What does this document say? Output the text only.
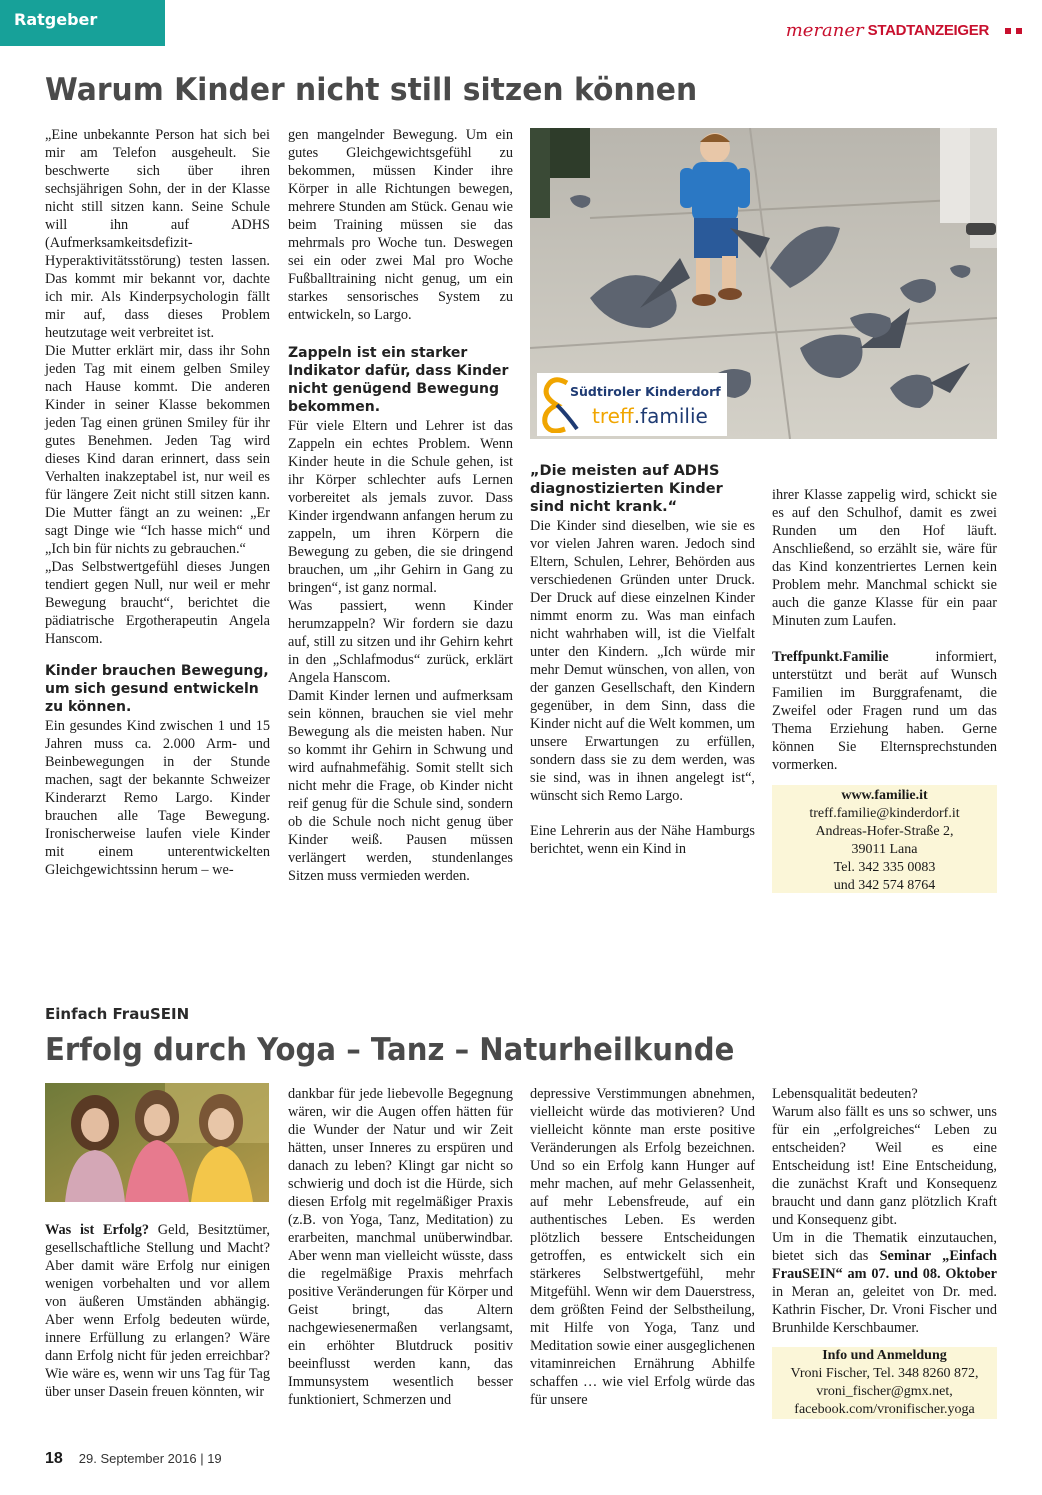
Ratgeber
meraner STADTANZEIGER
Warum Kinder nicht still sitzen können

„Eine unbekannte Person hat sich bei mir am Telefon ausgeheult. Sie beschwerte sich über ihren sechsjährigen Sohn, der in der Klasse nicht still sitzen kann. Seine Schule will ihn auf ADHS (Aufmerksamkeitsdefizit-Hyperaktivitätsstörung) testen lassen. Das kommt mir bekannt vor, dachte ich mir. Als Kinderpsychologin fällt mir auf, dass dieses Problem heutzutage weit verbreitet ist.

Die Mutter erklärt mir, dass ihr Sohn jeden Tag mit einem gelben Smiley nach Hause kommt. Die anderen Kinder in seiner Klasse bekommen jeden Tag einen grünen Smiley für ihr gutes Benehmen. Jeden Tag wird dieses Kind daran erinnert, dass sein Verhalten inakzeptabel ist, nur weil es für längere Zeit nicht still sitzen kann. Die Mutter fängt an zu weinen: „Er sagt Dinge wie “Ich hasse mich“ und „Ich bin für nichts zu gebrauchen.“

„Das Selbstwertgefühl dieses Jungen tendiert gegen Null, nur weil er mehr Bewegung braucht“, berichtet die pädiatrische Ergotherapeutin Angela Hanscom.

Kinder brauchen Bewegung, um sich gesund entwickeln zu können.

Ein gesundes Kind zwischen 1 und 15 Jahren muss ca. 2.000 Arm- und Beinbewegungen in der Stunde machen, sagt der bekannte Schweizer Kinderarzt Remo Largo. Kinder brauchen alle Tage Bewegung. Ironischerweise laufen viele Kinder mit einem unterentwickelten Gleichgewichtssinn herum – we-

gen mangelnder Bewegung. Um ein gutes Gleichgewichtsgefühl zu bekommen, müssen Kinder ihre Körper in alle Richtungen bewegen, mehrere Stunden am Stück. Genau wie beim Training müssen sie das mehrmals pro Woche tun. Deswegen sei ein oder zwei Mal pro Woche Fußballtraining nicht genug, um ein starkes sensorisches System zu entwickeln, so Largo.

Zappeln ist ein starker Indikator dafür, dass Kinder nicht genügend Bewegung bekommen.

Für viele Eltern und Lehrer ist das Zappeln ein echtes Problem. Wenn Kinder heute in die Schule gehen, ist ihr Körper schlechter aufs Lernen vorbereitet als jemals zuvor. Dass Kinder irgendwann anfangen herum zu zappeln, um ihren Körpern die Bewegung zu geben, die sie dringend brauchen, um „ihr Gehirn in Gang zu bringen“, ist ganz normal.

Was passiert, wenn Kinder herumzappeln? Wir fordern sie dazu auf, still zu sitzen und ihr Gehirn kehrt in den „Schlafmodus“ zurück, erklärt Angela Hanscom.

Damit Kinder lernen und aufmerksam sein können, brauchen sie viel mehr Bewegung als die meisten haben. Nur so kommt ihr Gehirn in Schwung und wird aufnahmefähig. Somit stellt sich nicht mehr die Frage, ob Kinder nicht reif genug für die Schule sind, sondern ob die Schule noch nicht genug über Kinder weiß. Pausen müssen verlängert werden, stundenlanges Sitzen muss vermieden werden.

Südtiroler Kinderdorf
treff.familie
„Die meisten auf ADHS diagnostizierten Kinder sind nicht krank.“

Die Kinder sind dieselben, wie sie es vor vielen Jahren waren. Jedoch sind Eltern, Schulen, Lehrer, Behörden aus verschiedenen Gründen unter Druck. Der Druck auf diese einzelnen Kinder nimmt enorm zu. Was man einfach nicht wahrhaben will, ist die Vielfalt unter den Kindern. „Ich würde mir mehr Demut wünschen, von allen, von der ganzen Gesellschaft, den Kindern gegenüber, in dem Sinn, dass die Kinder nicht auf die Welt kommen, um unsere Erwartungen zu erfüllen, sondern dass sie zu dem werden, was sie sind, was in ihnen angelegt ist“, wünscht sich Remo Largo.

Eine Lehrerin aus der Nähe Hamburgs berichtet, wenn ein Kind in

ihrer Klasse zappelig wird, schickt sie es auf den Schulhof, damit es zwei Runden um den Hof läuft. Anschließend, so erzählt sie, wäre für das Kind konzentriertes Lernen kein Problem mehr. Manchmal schickt sie auch die ganze Klasse für ein paar Minuten zum Laufen.

Treffpunkt.Familie informiert, unterstützt und berät auf Wunsch Familien im Burggrafenamt, die Zweifel oder Fragen rund um das Thema Erziehung haben. Gerne können Sie Elternsprechstunden vormerken.

www.familie.it
treff.familie@kinderdorf.it
Andreas-Hofer-Straße 2,
39011 Lana
Tel. 342 335 0083
und 342 574 8764
Einfach FrauSEIN
Erfolg durch Yoga – Tanz – Naturheilkunde

Was ist Erfolg? Geld, Besitztümer, gesellschaftliche Stellung und Macht? Aber damit wäre Erfolg nur einigen wenigen vorbehalten und vor allem von äußeren Umständen abhängig. Aber wenn Erfolg bedeuten würde, innere Erfüllung zu erlangen? Wäre dann Erfolg nicht für jeden erreichbar? Wie wäre es, wenn wir uns Tag für Tag über unser Dasein freuen könnten, wir

dankbar für jede liebevolle Begegnung wären, wir die Augen offen hätten für die Wunder der Natur und wir Zeit hätten, unser Inneres zu erspüren und danach zu leben? Klingt gar nicht so schwierig und doch ist die Hürde, sich diesen Erfolg mit regelmäßiger Praxis (z.B. von Yoga, Tanz, Meditation) zu erarbeiten, manchmal unüberwindbar. Aber wenn man vielleicht wüsste, dass die regelmäßige Praxis mehrfach positive Veränderungen für Körper und Geist bringt, das Altern nachgewiesenermaßen verlangsamt, ein erhöhter Blutdruck positiv beeinflusst werden kann, das Immunsystem wesentlich besser funktioniert, Schmerzen und

depressive Verstimmungen abnehmen, vielleicht würde das motivieren? Und vielleicht könnte man erste positive Veränderungen als Erfolg bezeichnen. Und so ein Erfolg kann Hunger auf mehr machen, auf mehr Gelassenheit, auf mehr Lebensfreude, auf ein authentisches Leben. Es werden plötzlich bessere Entscheidungen getroffen, es entwickelt sich ein stärkeres Selbstwertgefühl, mehr Mitgefühl. Wenn wir dem Dauerstress, dem größten Feind der Selbstheilung, mit Hilfe von Yoga, Tanz und Meditation sowie einer ausgeglichenen vitaminreichen Ernährung Abhilfe schaffen … wie viel Erfolg würde das für unsere

Lebensqualität bedeuten?

Warum also fällt es uns so schwer, uns für ein „erfolgreiches“ Leben zu entscheiden? Weil es eine Entscheidung ist! Eine Entscheidung, die zunächst Kraft und Konsequenz braucht und dann ganz plötzlich Kraft und Konsequenz gibt.

Um in die Thematik einzutauchen, bietet sich das Seminar „Einfach FrauSEIN“ am 07. und 08. Oktober in Meran an, geleitet von Dr. med. Kathrin Fischer, Dr. Vroni Fischer und Brunhilde Kerschbaumer.

Info und Anmeldung
Vroni Fischer, Tel. 348 8260 872,
vroni_fischer@gmx.net,
facebook.com/vronifischer.yoga
18 29. September 2016 | 19
